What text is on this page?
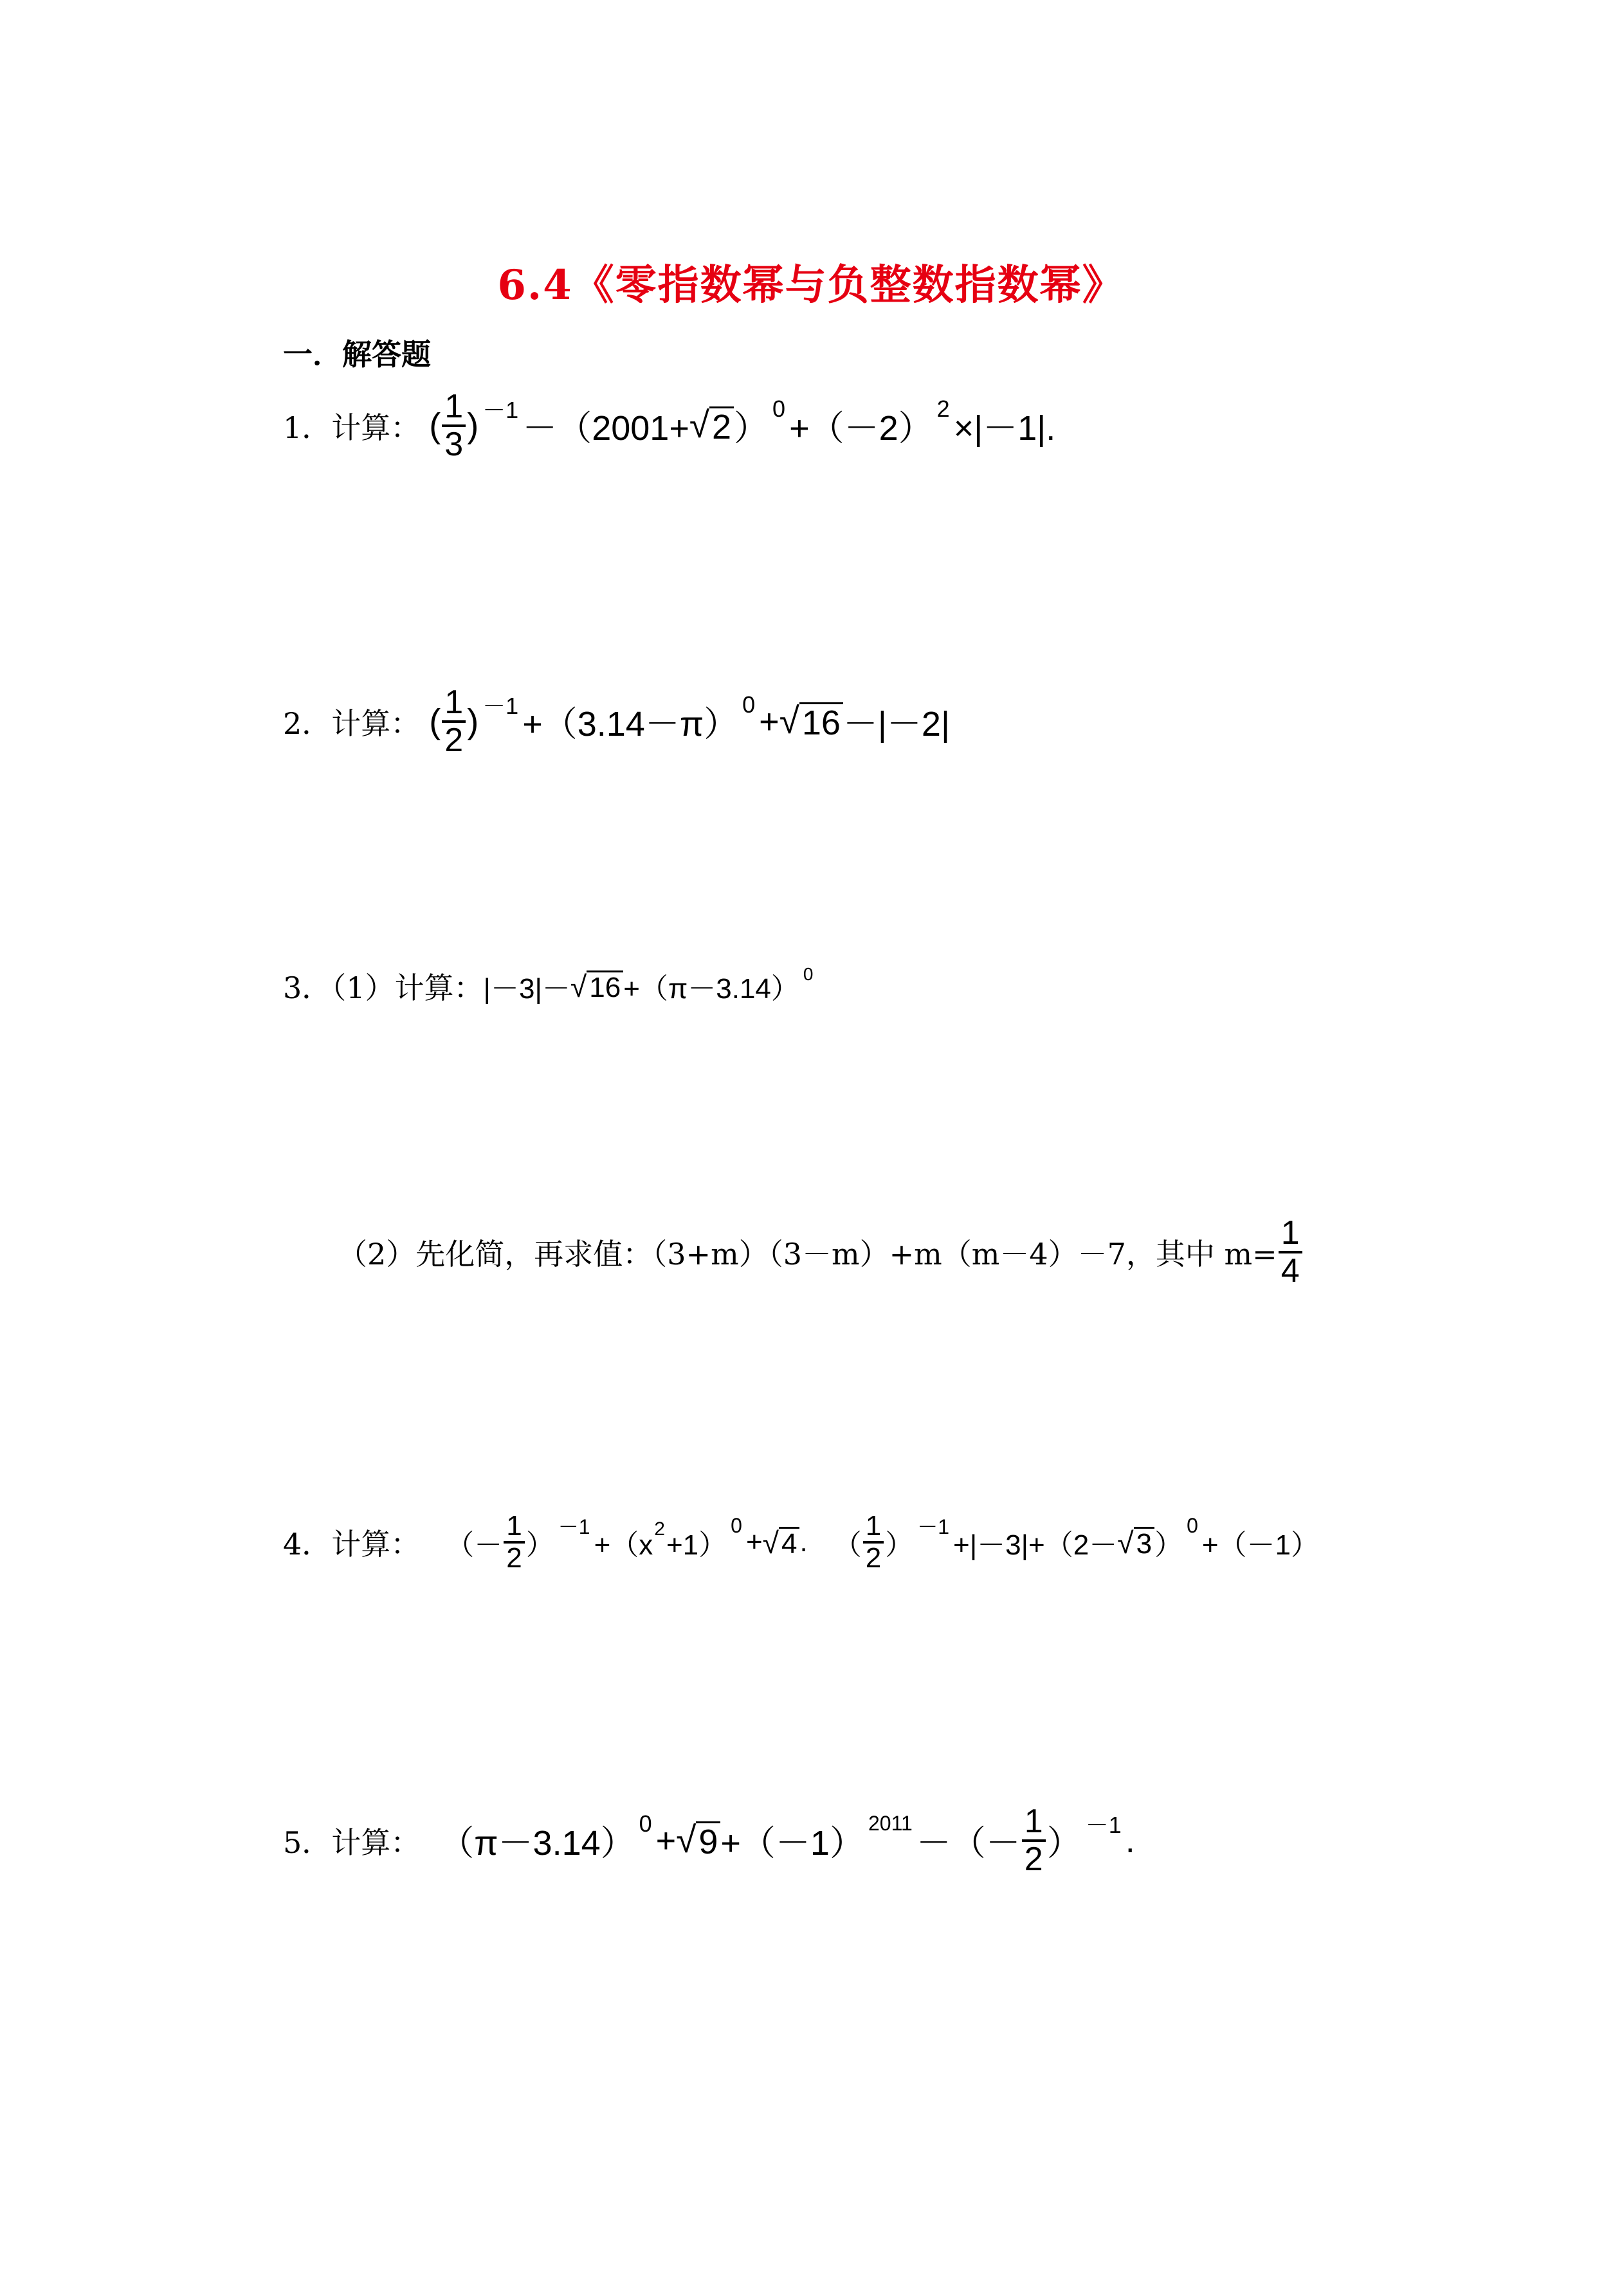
6.4《零指数幂与负整数指数幂》
一．解答题
1．计算： ( $\frac{1}{3}$ ) －1 －（2001+ √ 2 ）
0
+（－2）
2
×|－1|.
2．计算： ( $\frac{1}{2}$ ) －1 +（3.14－π）
0 + √ 16 －|－2|
3．（1）计算： |－3|－ √ 16 +（π－3.14） 0
（2）先化简，再求值：（3+m）（3－m）+m（m－4）－7，其中 $m= \frac{1}{4}$
4．计算： （－ $\frac{1}{2}$ ）
－1
+（x
2
+1）
0
+ √ 4 . （ $\frac{1}{2}$ ）
－1
+|－3|+（2－ √ 3 ）
0
+（－1）
5．计算： （π－3.14）
0 + √ 9 +（－1）
2011
－（－ $\frac{1}{2}$ ） －1 .
